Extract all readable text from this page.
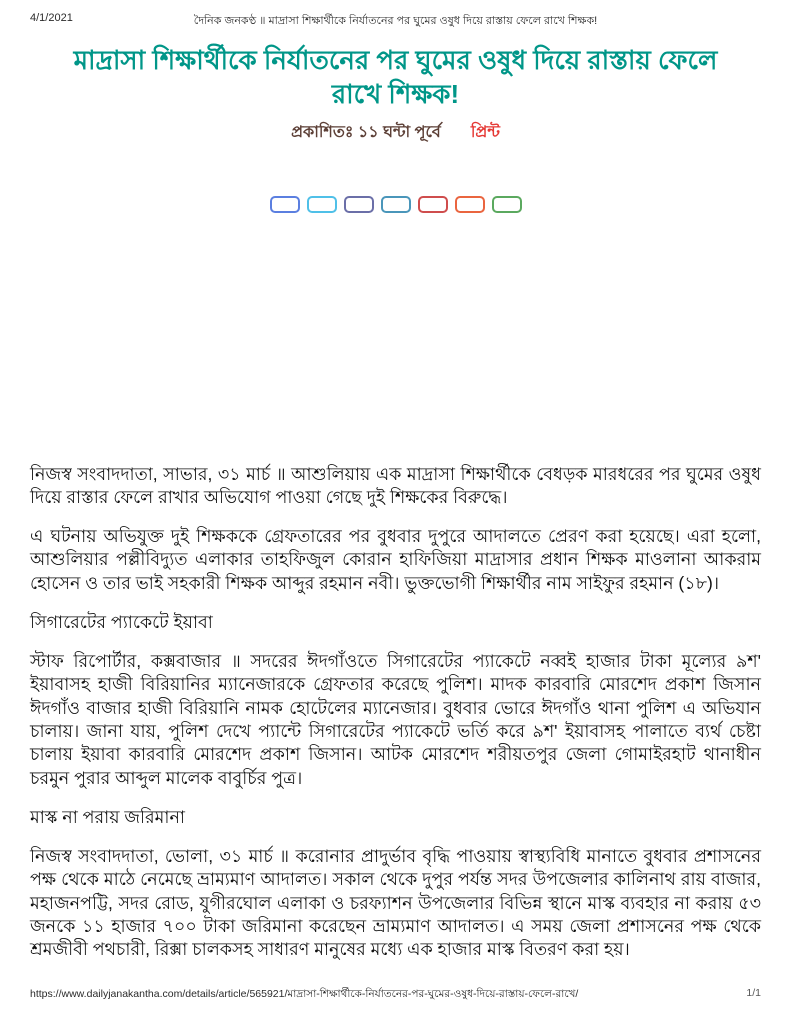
4/1/2021	দৈনিক জনকণ্ঠ ॥ মাদ্রাসা শিক্ষার্থীকে নির্যাতনের পর ঘুমের ওষুধ দিয়ে রাস্তায় ফেলে রাখে শিক্ষক!
মাদ্রাসা শিক্ষার্থীকে নির্যাতনের পর ঘুমের ওষুধ দিয়ে রাস্তায় ফেলে রাখে শিক্ষক!
প্রকাশিতঃ ১১ ঘন্টা পূর্বে প্রিন্ট

নিজস্ব সংবাদদাতা, সাভার, ৩১ মার্চ ॥ আশুলিয়ায় এক মাদ্রাসা শিক্ষার্থীকে বেধড়ক মারধরের পর ঘুমের ওষুধ দিয়ে রাস্তার ফেলে রাখার অভিযোগ পাওয়া গেছে দুই শিক্ষকের বিরুদ্ধে।

এ ঘটনায় অভিযুক্ত দুই শিক্ষককে গ্রেফতারের পর বুধবার দুপুরে আদালতে প্রেরণ করা হয়েছে। এরা হলো, আশুলিয়ার পল্লীবিদ্যুত এলাকার তাহফিজুল কোরান হাফিজিয়া মাদ্রাসার প্রধান শিক্ষক মাওলানা আকরাম হোসেন ও তার ভাই সহকারী শিক্ষক আব্দুর রহমান নবী। ভুক্তভোগী শিক্ষার্থীর নাম সাইফুর রহমান (১৮)।

সিগারেটের প্যাকেটে ইয়াবা

স্টাফ রিপোর্টার, কক্সবাজার ॥ সদরের ঈদগাঁওতে সিগারেটের প্যাকেটে নব্বই হাজার টাকা মূল্যের ৯শ' ইয়াবাসহ হাজী বিরিয়ানির ম্যানেজারকে গ্রেফতার করেছে পুলিশ। মাদক কারবারি মোরশেদ প্রকাশ জিসান ঈদগাঁও বাজার হাজী বিরিয়ানি নামক হোটেলের ম্যানেজার। বুধবার ভোরে ঈদগাঁও থানা পুলিশ এ অভিযান চালায়। জানা যায়, পুলিশ দেখে প্যান্টে সিগারেটের প্যাকেটে ভর্তি করে ৯শ' ইয়াবাসহ পালাতে ব্যর্থ চেষ্টা চালায় ইয়াবা কারবারি মোরশেদ প্রকাশ জিসান। আটক মোরশেদ শরীয়তপুর জেলা গোমাইরহাট থানাধীন চরমুন পুরার আব্দুল মালেক বাবুর্চির পুত্র।

মাস্ক না পরায় জরিমানা

নিজস্ব সংবাদদাতা, ভোলা, ৩১ মার্চ ॥ করোনার প্রাদুর্ভাব বৃদ্ধি পাওয়ায় স্বাস্থ্যবিধি মানাতে বুধবার প্রশাসনের পক্ষ থেকে মাঠে নেমেছে ভ্রাম্যমাণ আদালত। সকাল থেকে দুপুর পর্যন্ত সদর উপজেলার কালিনাথ রায় বাজার, মহাজনপট্টি, সদর রোড, যুগীরঘোল এলাকা ও চরফ্যাশন উপজেলার বিভিন্ন স্থানে মাস্ক ব্যবহার না করায় ৫৩ জনকে ১১ হাজার ৭০০ টাকা জরিমানা করেছেন ভ্রাম্যমাণ আদালত। এ সময় জেলা প্রশাসনের পক্ষ থেকে শ্রমজীবী পথচারী, রিক্সা চালকসহ সাধারণ মানুষের মধ্যে এক হাজার মাস্ক বিতরণ করা হয়।

https://www.dailyjanakantha.com/details/article/565921/মাদ্রাসা-শিক্ষার্থীকে-নির্যাতনের-পর-ঘুমের-ওষুধ-দিয়ে-রাস্তায়-ফেলে-রাখে/	1/1
